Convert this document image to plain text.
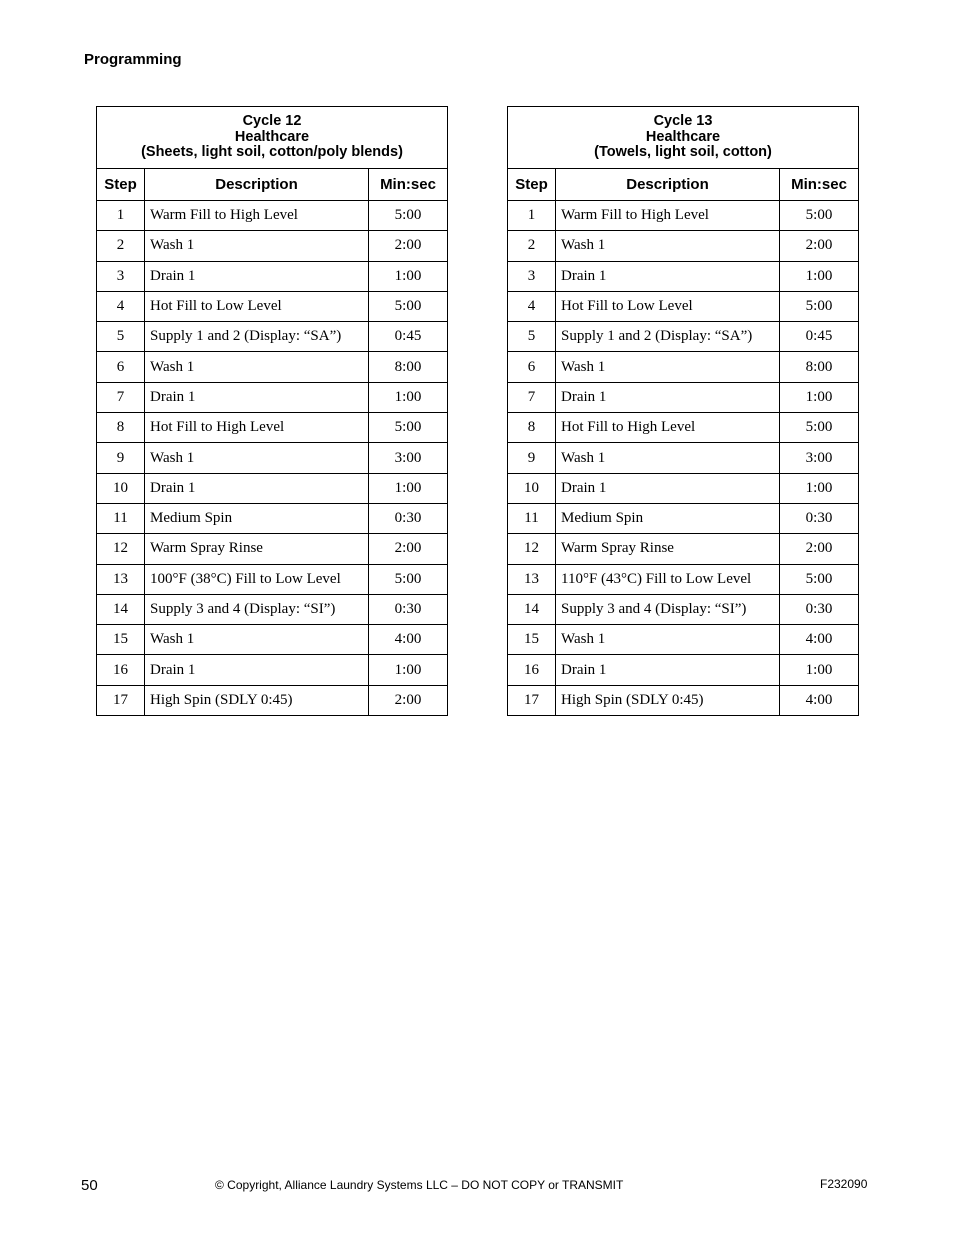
Programming
Cycle 12
Healthcare
(Sheets, light soil, cotton/poly blends)		

Step	Description	Min:sec
1	Warm Fill to High Level	5:00
2	Wash 1	2:00
3	Drain 1	1:00
4	Hot Fill to Low Level	5:00
5	Supply 1 and 2 (Display: “SA”)	0:45
6	Wash 1	8:00
7	Drain 1	1:00
8	Hot Fill to High Level	5:00
9	Wash 1	3:00
10	Drain 1	1:00
11	Medium Spin	0:30
12	Warm Spray Rinse	2:00
13	100°F (38°C) Fill to Low Level	5:00
14	Supply 3 and 4 (Display: “SI”)	0:30
15	Wash 1	4:00
16	Drain 1	1:00
17	High Spin (SDLY 0:45)	2:00
Cycle 13
Healthcare
(Towels, light soil, cotton)		

Step	Description	Min:sec
1	Warm Fill to High Level	5:00
2	Wash 1	2:00
3	Drain 1	1:00
4	Hot Fill to Low Level	5:00
5	Supply 1 and 2 (Display: “SA”)	0:45
6	Wash 1	8:00
7	Drain 1	1:00
8	Hot Fill to High Level	5:00
9	Wash 1	3:00
10	Drain 1	1:00
11	Medium Spin	0:30
12	Warm Spray Rinse	2:00
13	110°F (43°C) Fill to Low Level	5:00
14	Supply 3 and 4 (Display: “SI”)	0:30
15	Wash 1	4:00
16	Drain 1	1:00
17	High Spin (SDLY 0:45)	4:00
50	© Copyright, Alliance Laundry Systems LLC – DO NOT COPY or TRANSMIT	F232090
